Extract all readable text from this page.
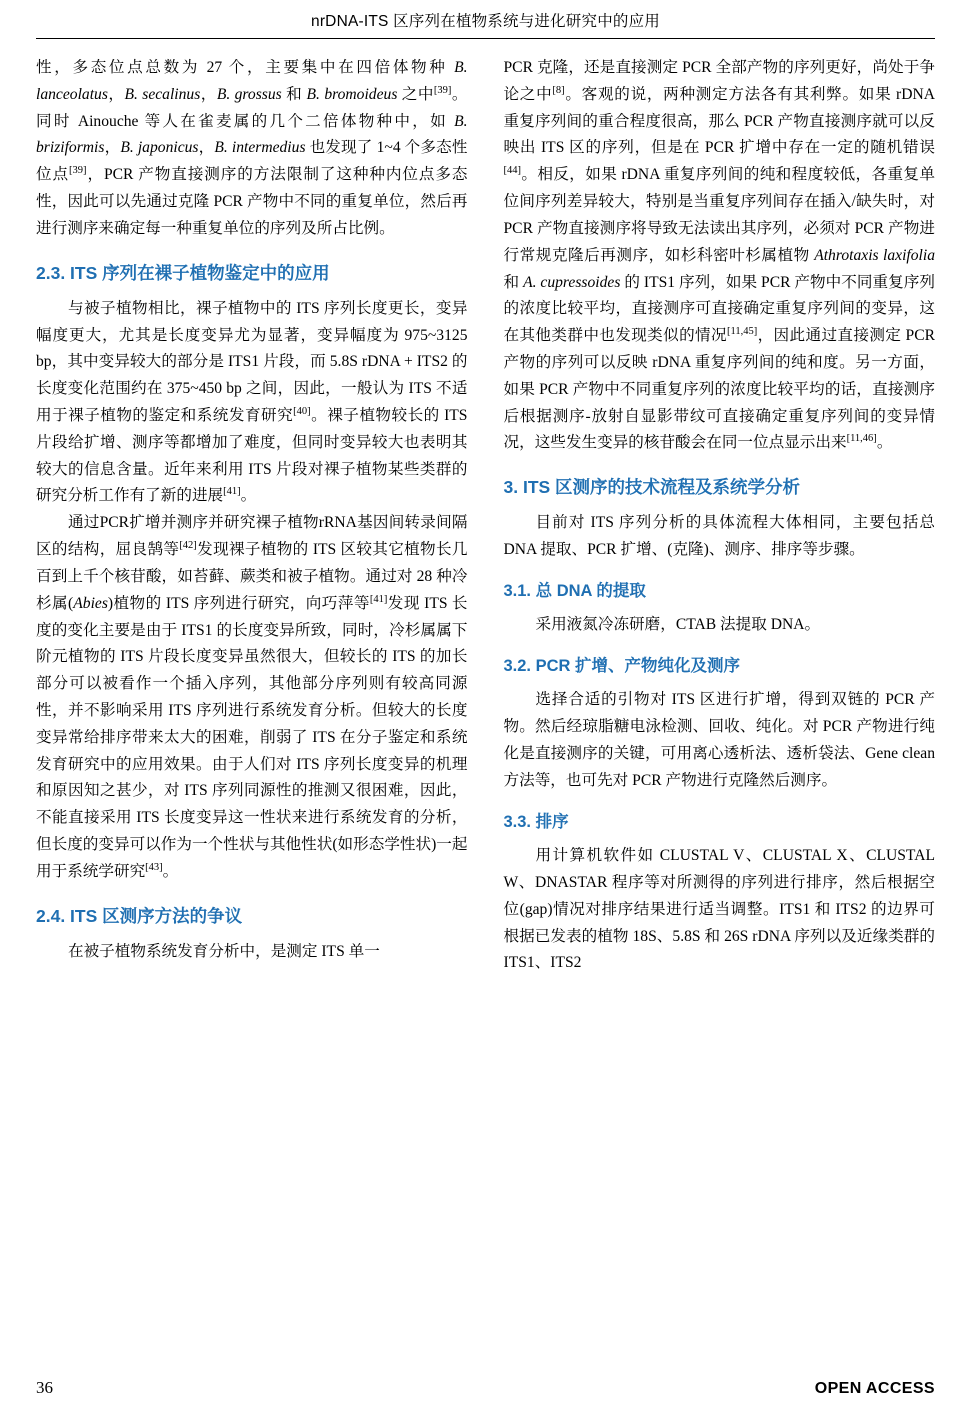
nrDNA-ITS 区序列在植物系统与进化研究中的应用

性，多态位点总数为 27 个，主要集中在四倍体物种 B. lanceolatus，B. secalinus，B. grossus 和 B. bromoideus 之中[39]。同时 Ainouche 等人在雀麦属的几个二倍体物种中，如 B. briziformis，B. japonicus，B. intermedius 也发现了 1~4 个多态性位点[39]，PCR 产物直接测序的方法限制了这种种内位点多态性，因此可以先通过克隆 PCR 产物中不同的重复单位，然后再进行测序来确定每一种重复单位的序列及所占比例。

2.3. ITS 序列在裸子植物鉴定中的应用

与被子植物相比，裸子植物中的 ITS 序列长度更长，变异幅度更大，尤其是长度变异尤为显著，变异幅度为 975~3125 bp，其中变异较大的部分是 ITS1 片段，而 5.8S rDNA + ITS2 的长度变化范围约在 375~450 bp 之间，因此，一般认为 ITS 不适用于裸子植物的鉴定和系统发育研究[40]。裸子植物较长的 ITS 片段给扩增、测序等都增加了难度，但同时变异较大也表明其较大的信息含量。近年来利用 ITS 片段对裸子植物某些类群的研究分析工作有了新的进展[41]。

通过PCR扩增并测序并研究裸子植物rRNA基因间转录间隔区的结构，屈良鹄等[42]发现裸子植物的 ITS 区较其它植物长几百到上千个核苷酸，如苔藓、蕨类和被子植物。通过对 28 种冷杉属(Abies)植物的 ITS 序列进行研究，向巧萍等[41]发现 ITS 长度的变化主要是由于 ITS1 的长度变异所致，同时，冷杉属属下阶元植物的 ITS 片段长度变异虽然很大，但较长的 ITS 的加长部分可以被看作一个插入序列，其他部分序列则有较高同源性，并不影响采用 ITS 序列进行系统发育分析。但较大的长度变异常给排序带来太大的困难，削弱了 ITS 在分子鉴定和系统发育研究中的应用效果。由于人们对 ITS 序列长度变异的机理和原因知之甚少，对 ITS 序列同源性的推测又很困难，因此，不能直接采用 ITS 长度变异这一性状来进行系统发育的分析，但长度的变异可以作为一个性状与其他性状(如形态学性状)一起用于系统学研究[43]。

2.4. ITS 区测序方法的争议

在被子植物系统发育分析中，是测定 ITS 单一

PCR 克隆，还是直接测定 PCR 全部产物的序列更好，尚处于争论之中[8]。客观的说，两种测定方法各有其利弊。如果 rDNA 重复序列间的重合程度很高，那么 PCR 产物直接测序就可以反映出 ITS 区的序列，但是在 PCR 扩增中存在一定的随机错误[44]。相反，如果 rDNA 重复序列间的纯和程度较低，各重复单位间序列差异较大，特别是当重复序列间存在插入/缺失时，对 PCR 产物直接测序将导致无法读出其序列，必须对 PCR 产物进行常规克隆后再测序，如杉科密叶杉属植物 Athrotaxis laxifolia 和 A. cupressoides 的 ITS1 序列，如果 PCR 产物中不同重复序列的浓度比较平均，直接测序可直接确定重复序列间的变异，这在其他类群中也发现类似的情况[11,45]，因此通过直接测定 PCR 产物的序列可以反映 rDNA 重复序列间的纯和度。另一方面，如果 PCR 产物中不同重复序列的浓度比较平均的话，直接测序后根据测序-放射自显影带纹可直接确定重复序列间的变异情况，这些发生变异的核苷酸会在同一位点显示出来[11,46]。

3. ITS 区测序的技术流程及系统学分析

目前对 ITS 序列分析的具体流程大体相同，主要包括总 DNA 提取、PCR 扩增、(克隆)、测序、排序等步骤。

3.1. 总 DNA 的提取

采用液氮冷冻研磨，CTAB 法提取 DNA。

3.2. PCR 扩增、产物纯化及测序

选择合适的引物对 ITS 区进行扩增，得到双链的 PCR 产物。然后经琼脂糖电泳检测、回收、纯化。对 PCR 产物进行纯化是直接测序的关键，可用离心透析法、透析袋法、Gene clean 方法等，也可先对 PCR 产物进行克隆然后测序。

3.3. 排序

用计算机软件如 CLUSTAL V、CLUSTAL X、CLUSTAL W、DNASTAR 程序等对所测得的序列进行排序，然后根据空位(gap)情况对排序结果进行适当调整。ITS1 和 ITS2 的边界可根据已发表的植物 18S、5.8S 和 26S rDNA 序列以及近缘类群的 ITS1、ITS2

36	OPEN ACCESS
